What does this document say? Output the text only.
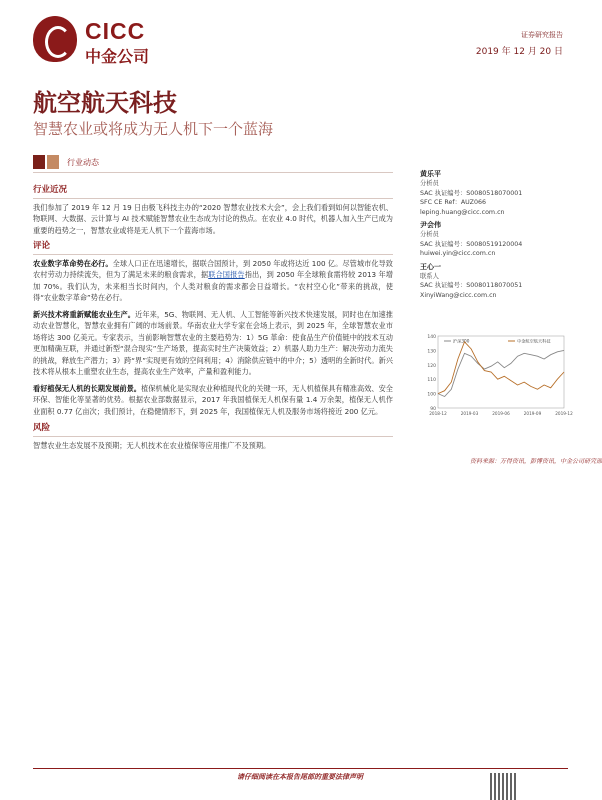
CICC
中金公司
证券研究报告
2019 年 12 月 20 日
航空航天科技
智慧农业或将成为无人机下一个蓝海
行业动态
行业近况

我们参加了 2019 年 12 月 19 日由极飞科技主办的“2020 智慧农业技术大会”，会上我们看到如何以智能农机、物联网、大数据、云计算与 AI 技术赋能智慧农业生态成为讨论的热点。在农业 4.0 时代，机器人加入生产已成为重要的趋势之一，智慧农业或将是无人机下一个蓝海市场。

评论

农业数字革命势在必行。全球人口正在迅速增长，据联合国预计，到 2050 年或将达近 100 亿。尽管城市化导致农村劳动力持续流失，但为了满足未来的粮食需求，据联合国报告指出，到 2050 年全球粮食需将较 2013 年增加 70%。我们认为，未来相当长时间内，个人类对粮食的需求都会日益增长。“农村空心化”带来的挑战，使得“农业数字革命”势在必行。

新兴技术将重新赋能农业生产。近年来，5G、物联网、无人机、人工智能等新兴技术快速发展，同时也在加速推动农业智慧化，智慧农业拥有广阔的市场前景。华南农业大学专家在会场上表示，到 2025 年，全球智慧农业市场将达 300 亿美元。专家表示，当前影响智慧农业的主要趋势为：1）5G 革命：使食品生产价值链中的技术互动更加精确互联，并通过新型“混合现实”生产场景，提高实时生产决策效益；2）机器人助力生产：解决劳动力流失的挑战，释放生产潜力；3）跨“界”实现更有效的空间利用；4）消除供应链中的中介；5）透明的全新时代。新兴技术将从根本上重塑农业生态，提高农业生产效率，产量和盈利能力。

看好植保无人机的长期发展前景。植保机械化是实现农业种植现代化的关键一环，无人机植保具有精准高效、安全环保、智能化等显著的优势。根据农业部数据显示，2017 年我国植保无人机保有量 1.4 万余架，植保无人机作业面积 0.77 亿亩次；我们预计，在稳健情形下，到 2025 年，我国植保无人机及服务市场将接近 200 亿元。

风险

智慧农业生态发展不及预期；无人机技术在农业植保等应用推广不及预期。

黄乐平
分析员
SAC 执证编号：S0080518070001
SFC CE Ref：AUZ066
leping.huang@cicc.com.cn
尹会伟
分析员
SAC 执证编号：S0080519120004
huiwei.yin@cicc.com.cn
王心一
联系人
SAC 执证编号：S0080118070051
XinyiWang@cicc.com.cn
90
100
110
120
130
140
2018-12	2019-03	2019-06	2019-09	2019-12
沪深300	中金航空航天科技
资料来源：万得资讯，彭博资讯，中金公司研究部
请仔细阅读在本报告尾部的重要法律声明
